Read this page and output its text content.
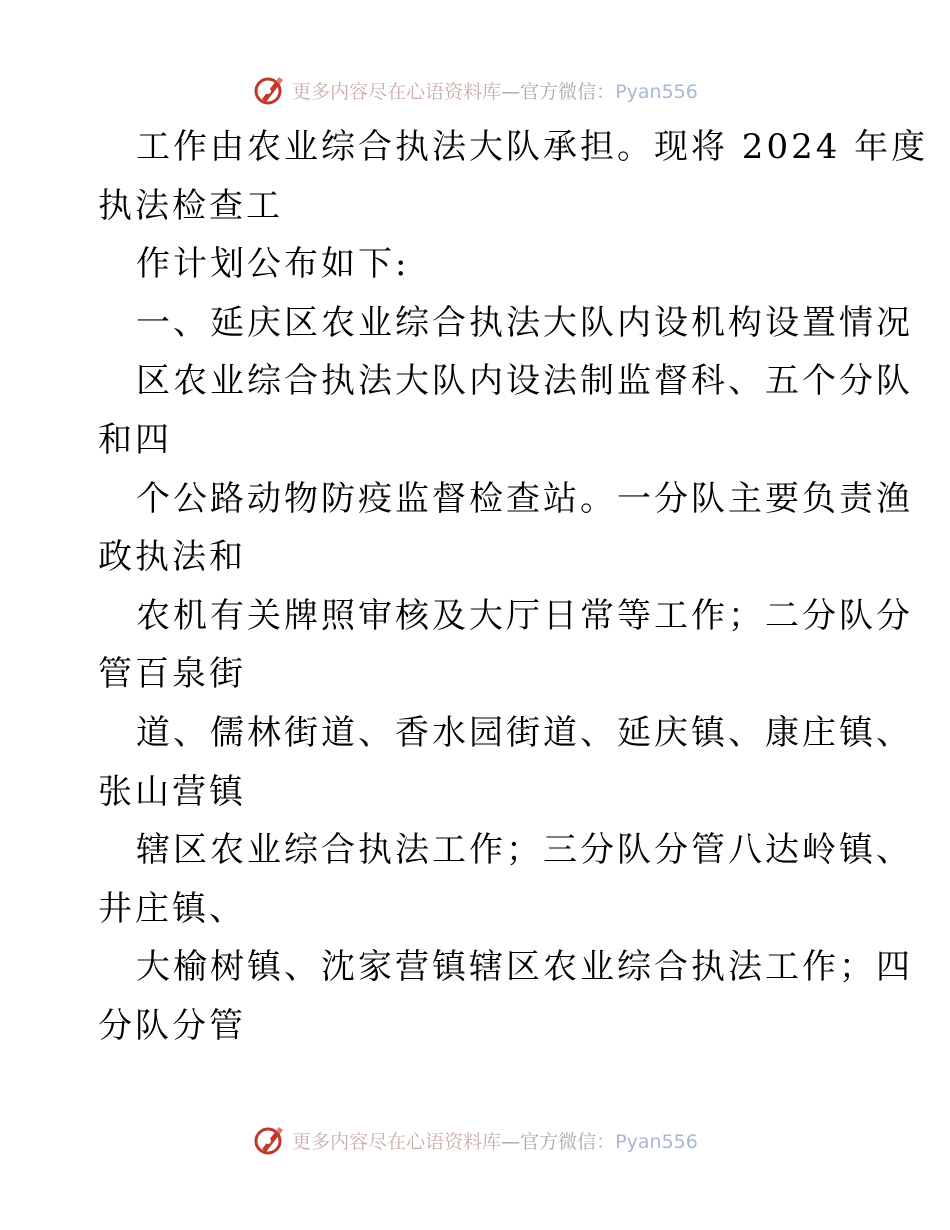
更多内容尽在心语资料库—官方微信：Pyan556
工作由农业综合执法大队承担。现将 2024 年度
执法检查工
作计划公布如下:
一、延庆区农业综合执法大队内设机构设置情况
区农业综合执法大队内设法制监督科、五个分队
和四
个公路动物防疫监督检查站。一分队主要负责渔
政执法和
农机有关牌照审核及大厅日常等工作；二分队分
管百泉街
道、儒林街道、香水园街道、延庆镇、康庄镇、
张山营镇
辖区农业综合执法工作；三分队分管八达岭镇、
井庄镇、
大榆树镇、沈家营镇辖区农业综合执法工作；四
分队分管
更多内容尽在心语资料库—官方微信：Pyan556
